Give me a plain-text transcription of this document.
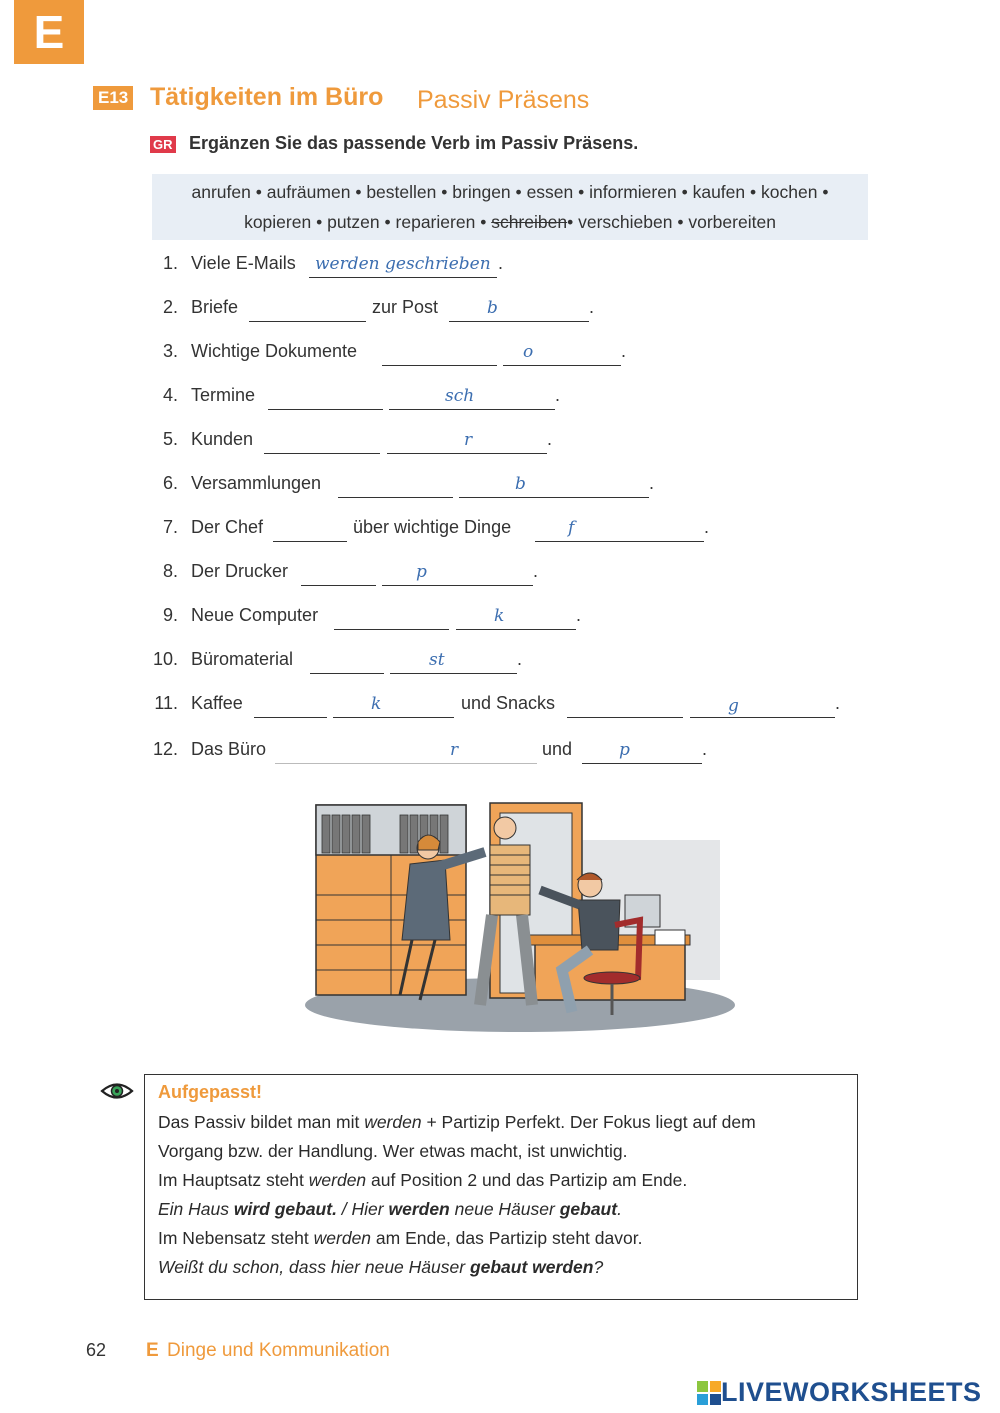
E
E13 Tätigkeiten im Büro Passiv Präsens
GR Ergänzen Sie das passende Verb im Passiv Präsens.
anrufen • aufräumen • bestellen • bringen • essen • informieren • kaufen • kochen •
kopieren • putzen • reparieren • schreiben• verschieben • vorbereiten
1. Viele E-Mails werden geschrieben .
2. Briefe	zur Post	b	.
3. Wichtige Dokumente	o	.
4. Termine	sch	.
5. Kunden	r	.
6. Versammlungen	b	.
7. Der Chef	über wichtige Dinge	f	.
8. Der Drucker	p	.
9. Neue Computer	k	.
10. Büromaterial	st	.
11. Kaffee	k	und Snacks	g	.
12. Das Büro	r	und	p	.
Aufgepasst!
Das Passiv bildet man mit werden + Partizip Perfekt. Der Fokus liegt auf dem
Vorgang bzw. der Handlung. Wer etwas macht, ist unwichtig.
Im Hauptsatz steht werden auf Position 2 und das Partizip am Ende.
Ein Haus wird gebaut. / Hier werden neue Häuser gebaut.
Im Nebensatz steht werden am Ende, das Partizip steht davor.
Weißt du schon, dass hier neue Häuser gebaut werden?
62 E Dinge und Kommunikation
LIVEWORKSHEETS
